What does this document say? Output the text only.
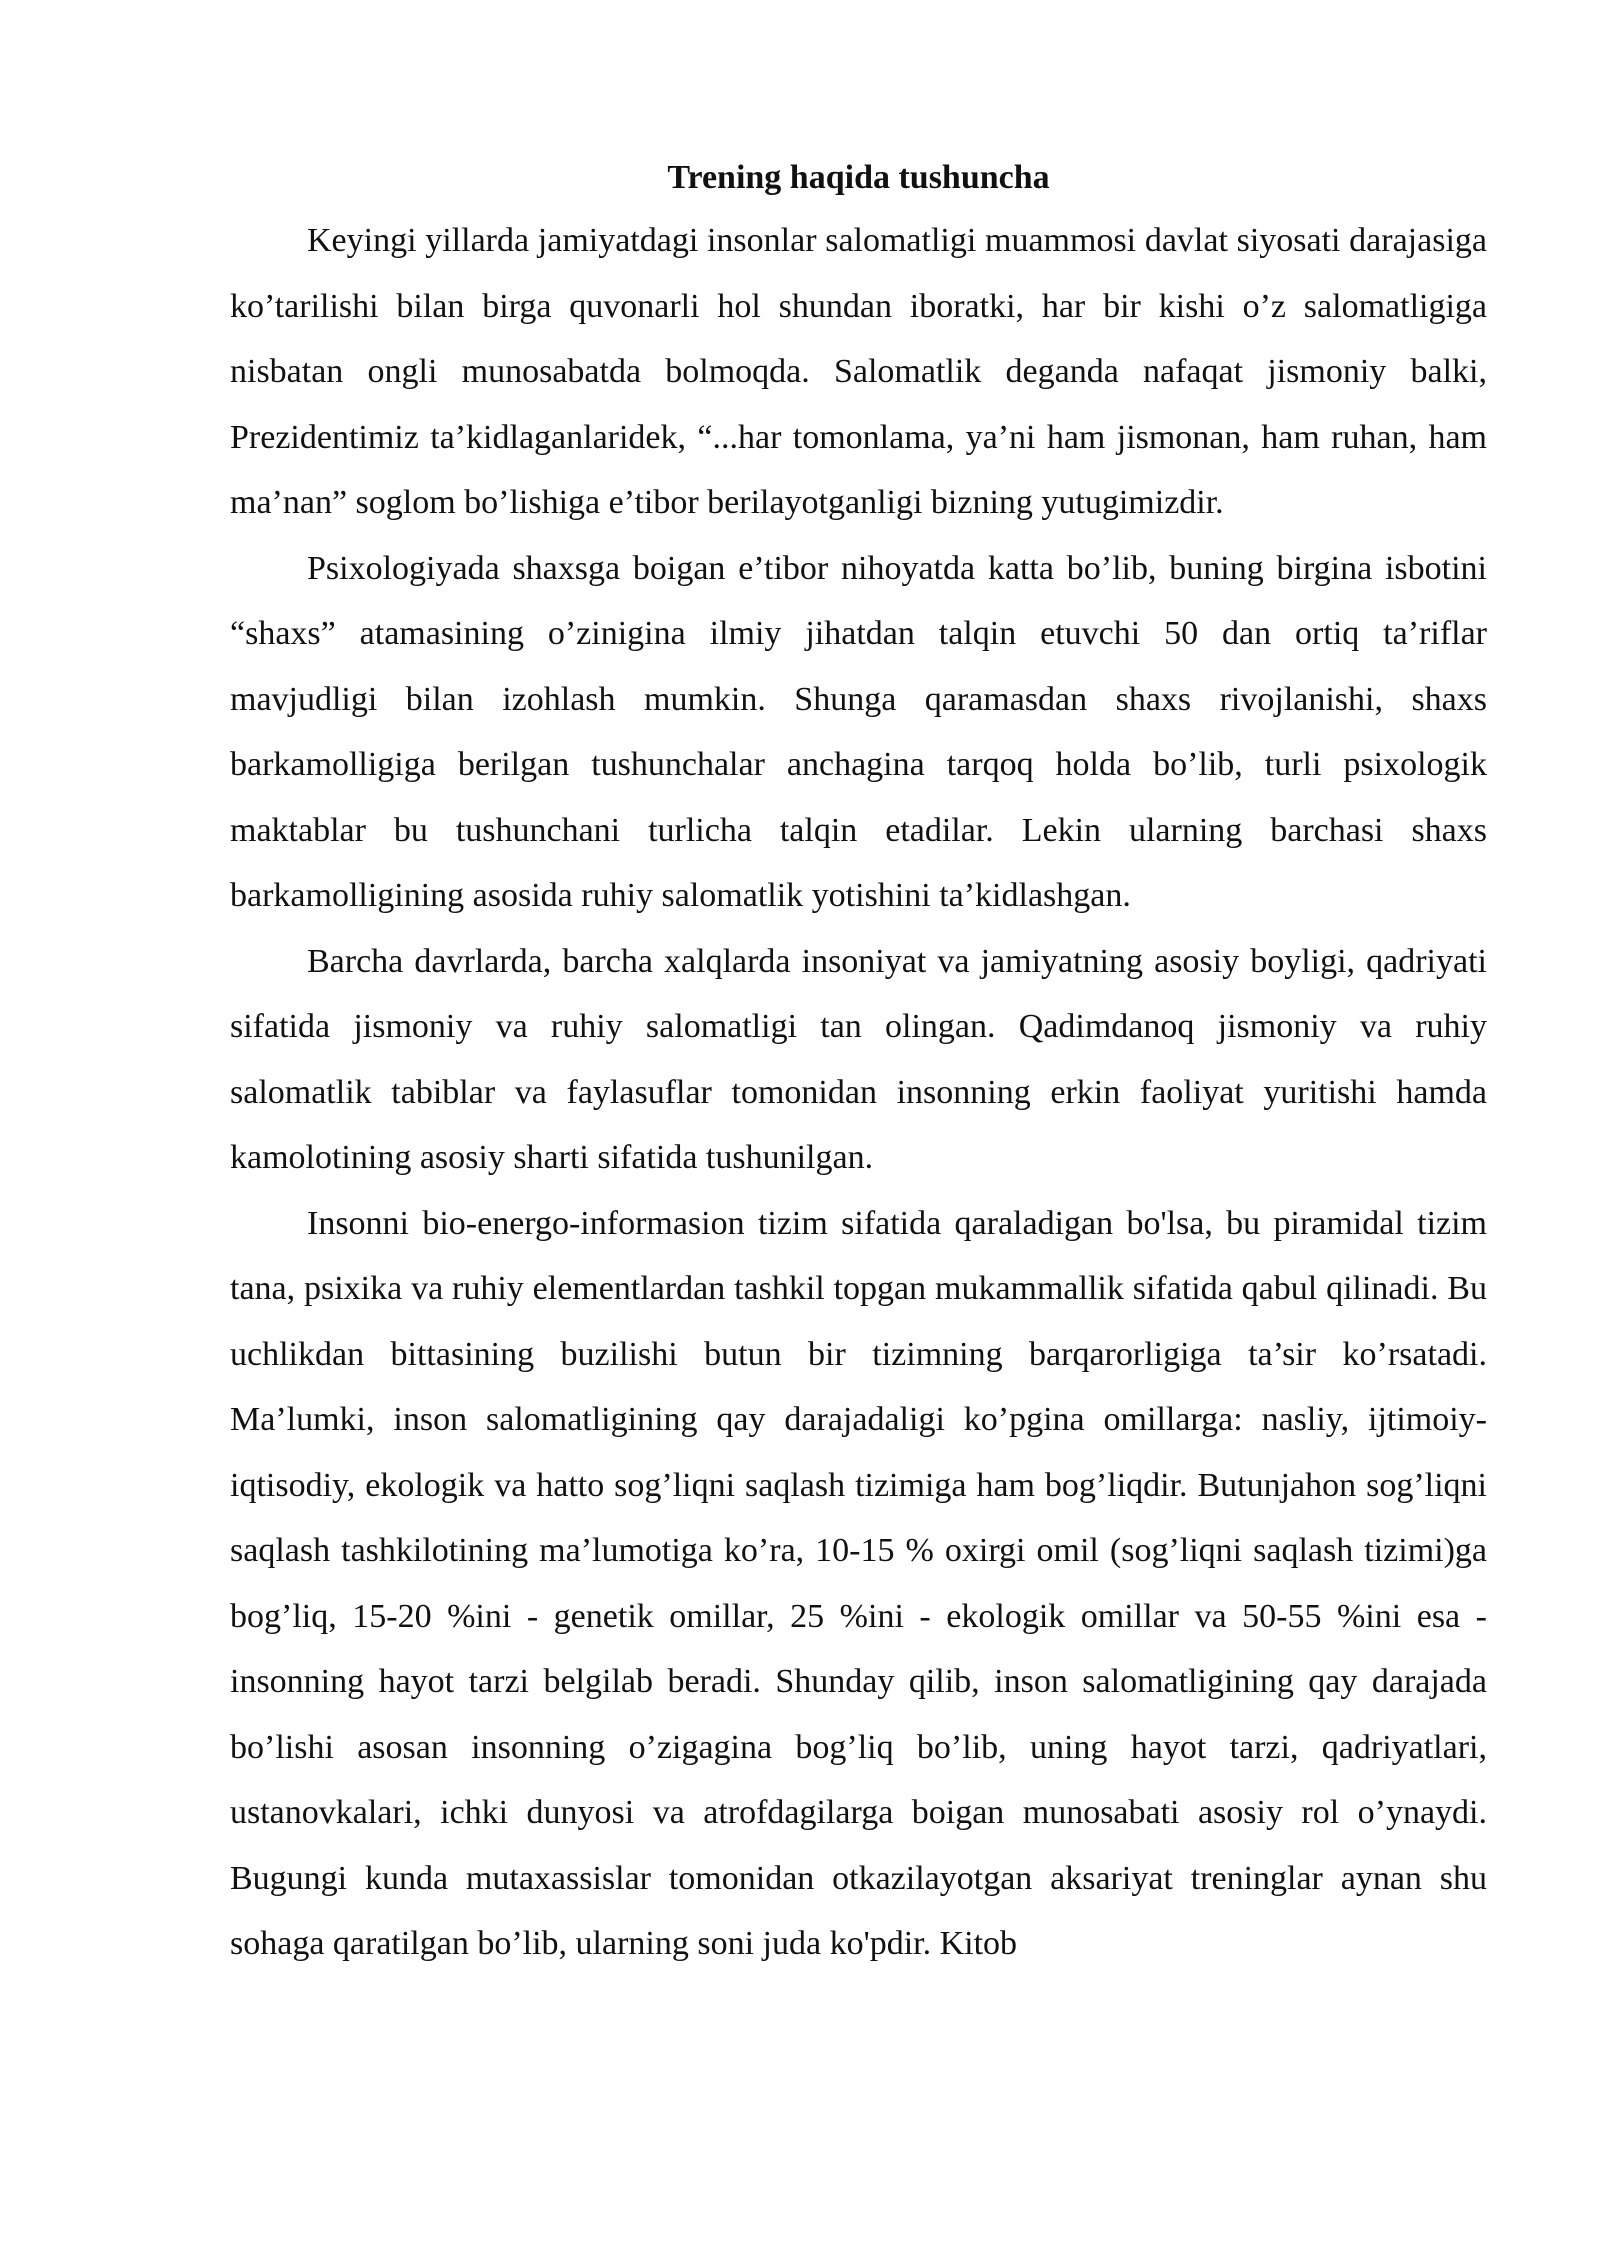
Trening haqida tushuncha

Keyingi yillarda jamiyatdagi insonlar salomatligi muammosi davlat siyosati darajasiga ko’tarilishi bilan birga quvonarli hol shundan iboratki, har bir kishi o’z salomatligiga nisbatan ongli munosabatda bolmoqda. Salomatlik deganda nafaqat jismoniy balki, Prezidentimiz ta’kidlaganlaridek, “...har tomonlama, ya’ni ham jismonan, ham ruhan, ham ma’nan” soglom bo’lishiga e’tibor berilayotganligi bizning yutugimizdir.

Psixologiyada shaxsga boigan e’tibor nihoyatda katta bo’lib, buning birgina isbotini “shaxs” atamasining o’zinigina ilmiy jihatdan talqin etuvchi 50 dan ortiq ta’riflar mavjudligi bilan izohlash mumkin. Shunga qaramasdan shaxs rivojlanishi, shaxs barkamolligiga berilgan tushunchalar anchagina tarqoq holda bo’lib, turli psixologik maktablar bu tushunchani turlicha talqin etadilar. Lekin ularning barchasi shaxs barkamolligining asosida ruhiy salomatlik yotishini ta’kidlashgan.

Barcha davrlarda, barcha xalqlarda insoniyat va jamiyatning asosiy boyligi, qadriyati sifatida jismoniy va ruhiy salomatligi tan olingan. Qadimdanoq jismoniy va ruhiy salomatlik tabiblar va faylasuflar tomonidan insonning erkin faoliyat yuritishi hamda kamolotining asosiy sharti sifatida tushunilgan.

Insonni bio-energo-informasion tizim sifatida qaraladigan bo'lsa, bu piramidal tizim tana, psixika va ruhiy elementlardan tashkil topgan mukammallik sifatida qabul qilinadi. Bu uchlikdan bittasining buzilishi butun bir tizimning barqarorligiga ta’sir ko’rsatadi. Ma’lumki, inson salomatligining qay darajadaligi ko’pgina omillarga: nasliy, ijtimoiy-iqtisodiy, ekologik va hatto sog’liqni saqlash tizimiga ham bog’liqdir. Butunjahon sog’liqni saqlash tashkilotining ma’lumotiga ko’ra, 10-15 % oxirgi omil (sog’liqni saqlash tizimi)ga bog’liq, 15-20 %ini - genetik omillar, 25 %ini - ekologik omillar va 50-55 %ini esa - insonning hayot tarzi belgilab beradi. Shunday qilib, inson salomatligining qay darajada bo’lishi asosan insonning o’zigagina bog’liq bo’lib, uning hayot tarzi, qadriyatlari, ustanovkalari, ichki dunyosi va atrofdagilarga boigan munosabati asosiy rol o’ynaydi. Bugungi kunda mutaxassislar tomonidan otkazilayotgan aksariyat treninglar aynan shu sohaga qaratilgan bo’lib, ularning soni juda ko'pdir. Kitob
